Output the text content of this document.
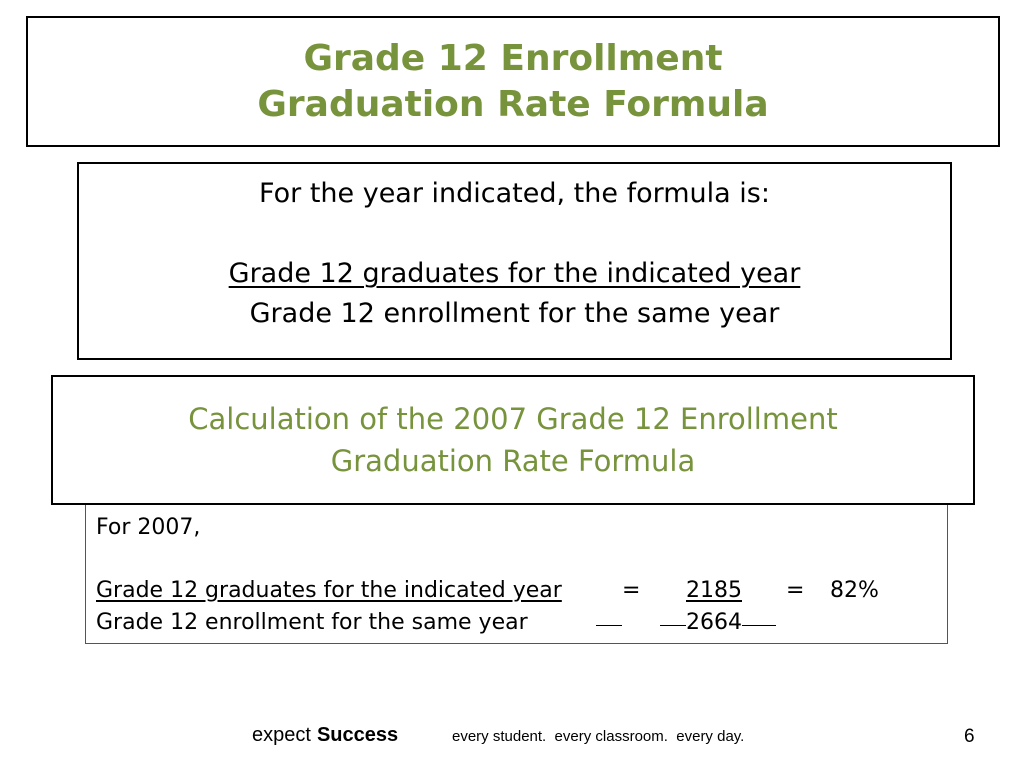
Grade 12 Enrollment
Graduation Rate Formula
For the year indicated, the formula is:
Grade 12 graduates for the indicated year
Grade 12 enrollment for the same year
For 2007,
Grade 12 graduates for the indicated year	= 2185 = 82%
Grade 12 enrollment for the same year	2664
Calculation of the 2007 Grade 12 Enrollment
Graduation Rate Formula
expect Success	every student.  every classroom.  every day.	6
